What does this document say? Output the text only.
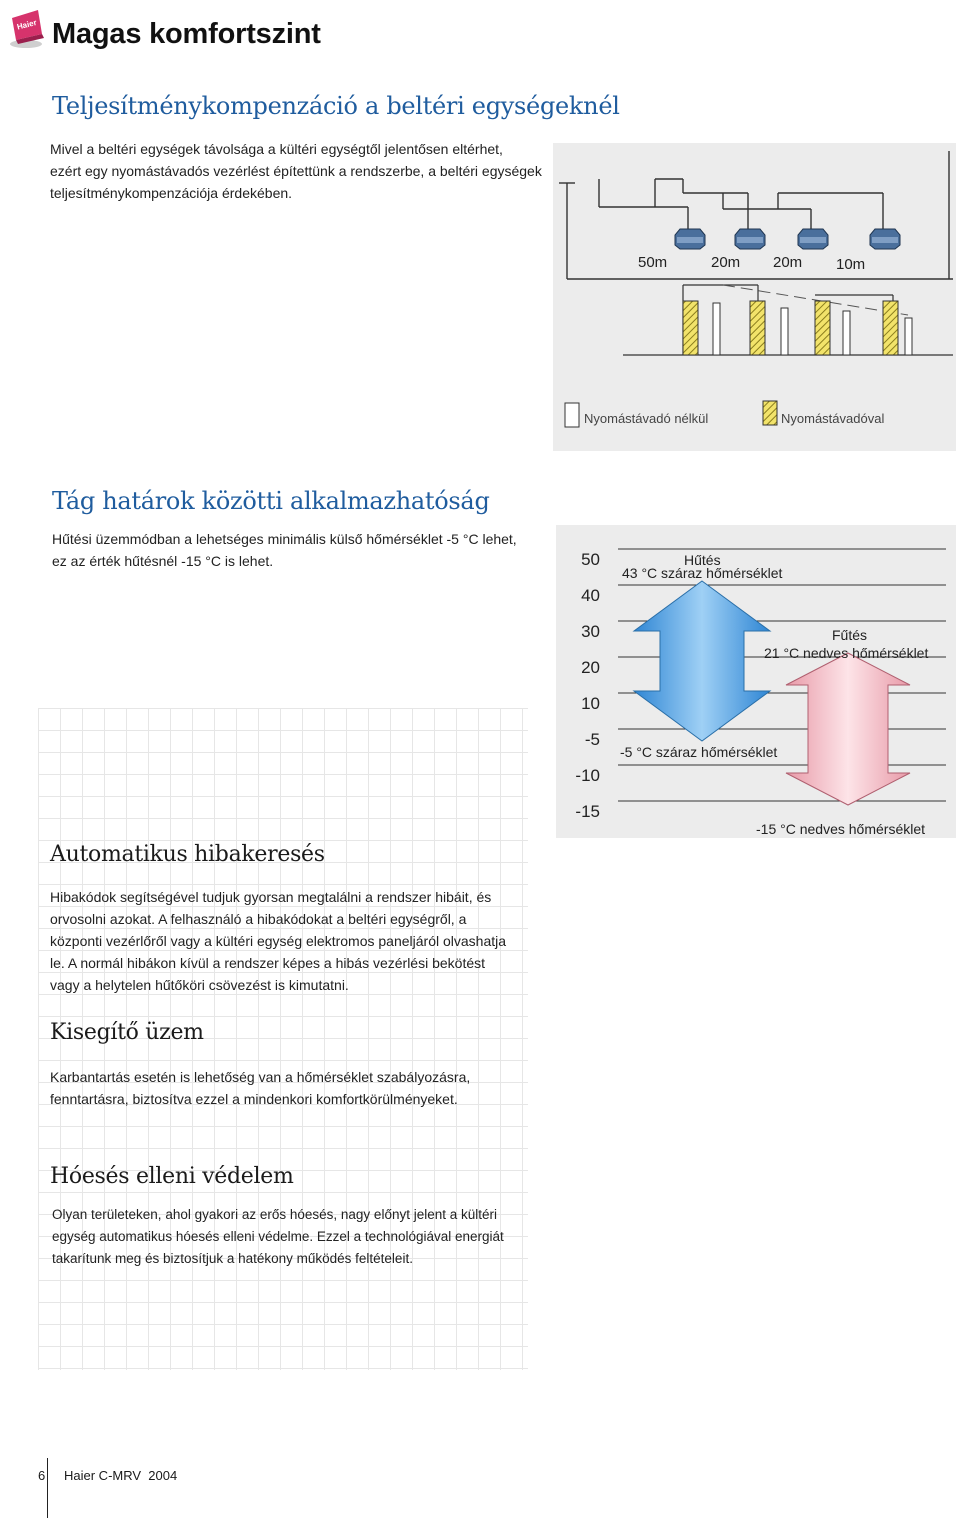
Haier Magas komfortszint
Teljesítménykompenzáció a beltéri egységeknél
Mivel a beltéri egységek távolsága a kültéri egységtől jelentősen eltérhet,
ezért egy nyomástávadós vezérlést építettünk a rendszerbe, a beltéri egységek
teljesítménykompenzációja érdekében.
50m	20m 20m 10m
Nyomástávadó nélkül	Nyomástávadóval
Tág határok közötti alkalmazhatóság
Hűtési üzemmódban a lehetséges minimális külső hőmérséklet -5 °C lehet,
ez az érték hűtésnél -15 °C is lehet.	50
40
30
20
10
-5
-10
-15
Hűtés
43 °C száraz hőmérséklet
-5 °C száraz hőmérséklet
Fűtés
21 °C nedves hőmérséklet
-15 °C nedves hőmérséklet
Automatikus hibakeresés
Hibakódok segítségével tudjuk gyorsan megtalálni a rendszer hibáit, és
orvosolni azokat. A felhasználó a hibakódokat a beltéri egységről, a
központi vezérlőről vagy a kültéri egység elektromos paneljáról olvashatja
le. A normál hibákon kívül a rendszer képes a hibás vezérlési bekötést
vagy a helytelen hűtőköri csövezést is kimutatni.
Kisegítő üzem
Karbantartás esetén is lehetőség van a hőmérséklet szabályozásra,
fenntartásra, biztosítva ezzel a mindenkori komfortkörülményeket.
Hóesés elleni védelem
Olyan területeken, ahol gyakori az erős hóesés, nagy előnyt jelent a kültéri
egység automatikus hóesés elleni védelme. Ezzel a technológiával energiát
takarítunk meg és biztosítjuk a hatékony működés feltételeit.
6 Haier C-MRV  2004
